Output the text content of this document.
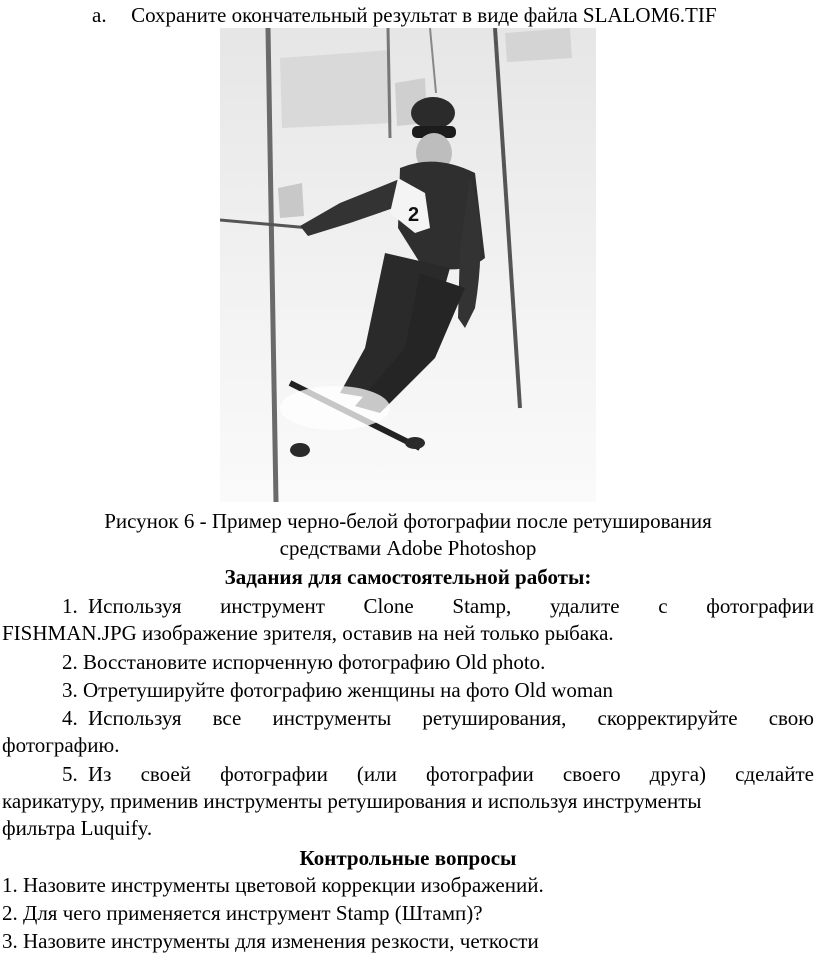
a. Сохраните окончательный результат в виде файла SLALOM6.TIF
2
Рисунок 6 - Пример черно-белой фотографии после ретуширования
средствами Adobe Photoshop
Задания для самостоятельной работы:
1. Используя инструмент Clone Stamp, удалите с фотографии
FISHMAN.JPG изображение зрителя, оставив на ней только рыбака.
2. Восстановите испорченную фотографию Old photo.
3. Отретушируйте фотографию женщины на фото Old woman
4. Используя все инструменты ретуширования, скорректируйте свою
фотографию.
5. Из своей фотографии (или фотографии своего друга) сделайте
карикатуру, применив инструменты ретуширования и используя инструменты
фильтра Luquify.
Контрольные вопросы
1. Назовите инструменты цветовой коррекции изображений.
2. Для чего применяется инструмент Stamp (Штамп)?
3. Назовите инструменты для изменения резкости, четкости
